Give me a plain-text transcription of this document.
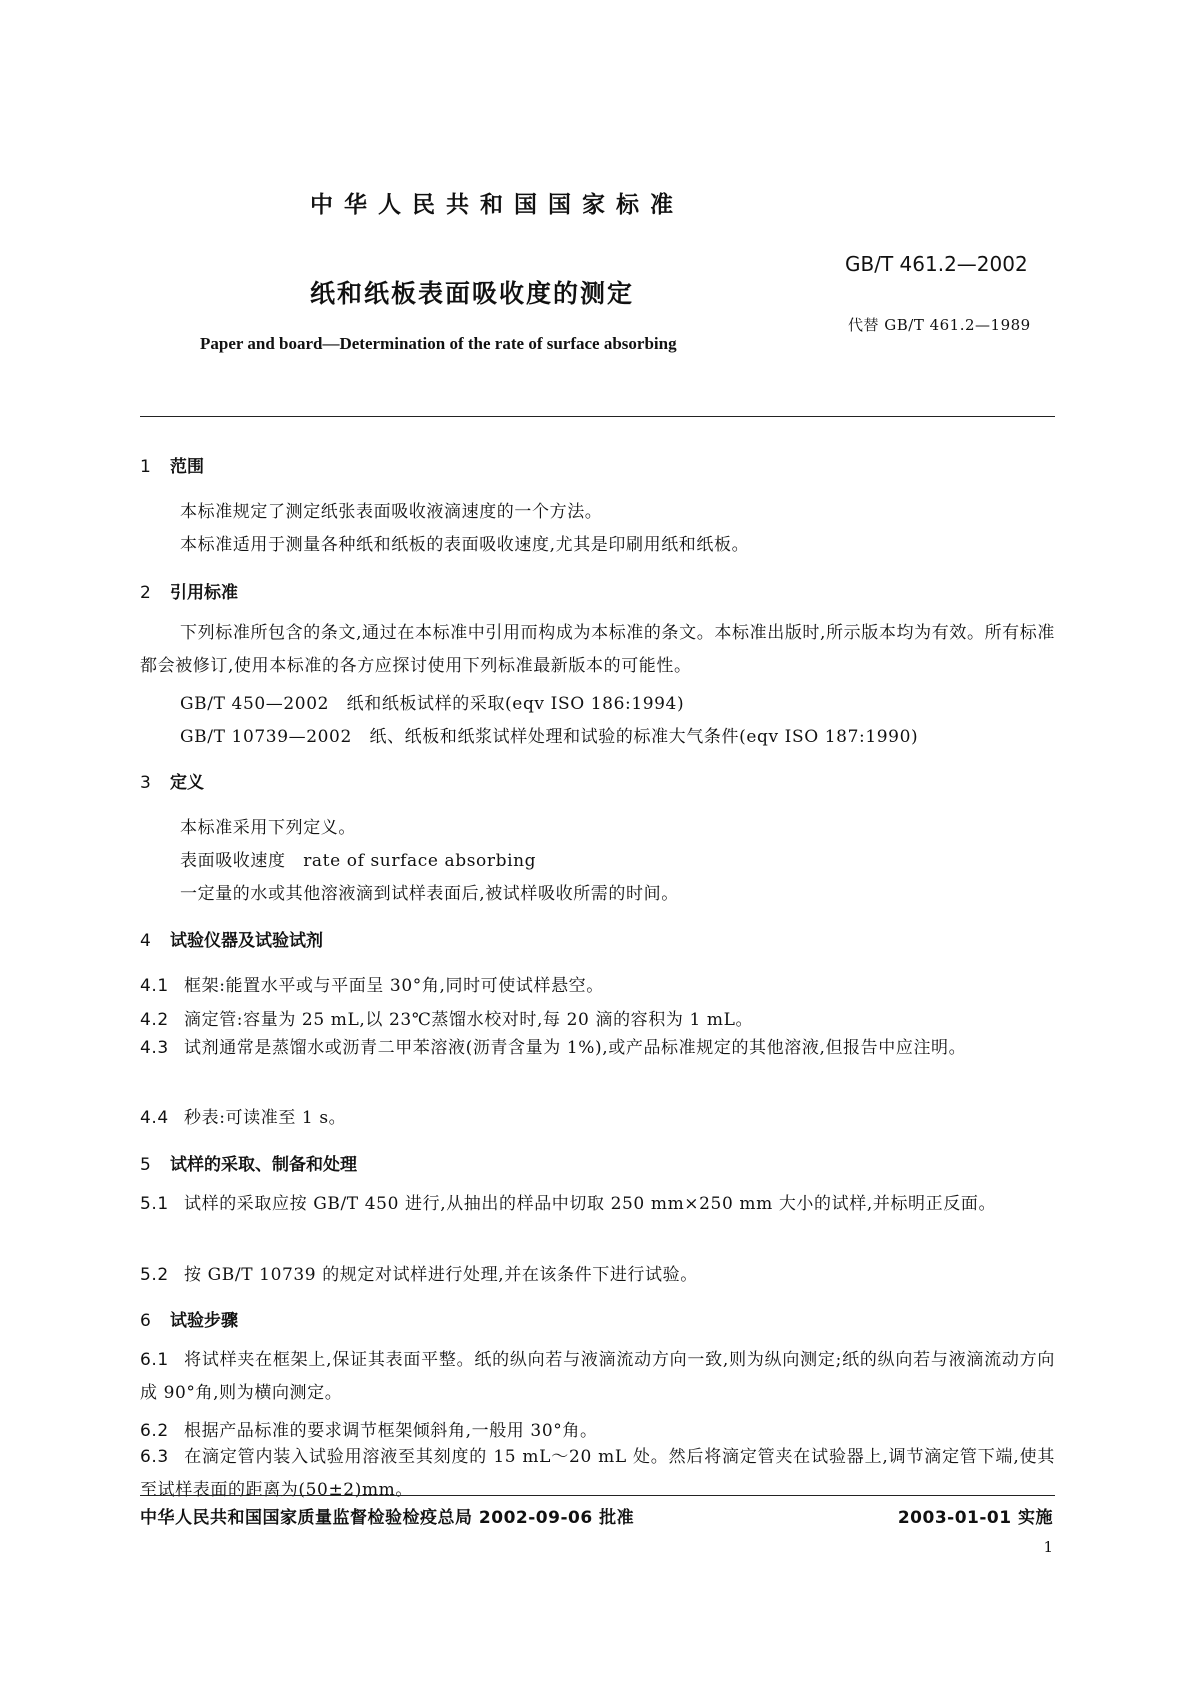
中华人民共和国国家标准
GB/T 461.2—2002
代替 GB/T 461.2—1989
纸和纸板表面吸收度的测定
Paper and board—Determination of the rate of surface absorbing
1 范围
本标准规定了测定纸张表面吸收液滴速度的一个方法。
本标准适用于测量各种纸和纸板的表面吸收速度,尤其是印刷用纸和纸板。
2 引用标准
下列标准所包含的条文,通过在本标准中引用而构成为本标准的条文。本标准出版时,所示版本均为有效。所有标准都会被修订,使用本标准的各方应探讨使用下列标准最新版本的可能性。
GB/T 450—2002　纸和纸板试样的采取(eqv ISO 186:1994)
GB/T 10739—2002　纸、纸板和纸浆试样处理和试验的标准大气条件(eqv ISO 187:1990)
3 定义
本标准采用下列定义。
表面吸收速度　rate of surface absorbing
一定量的水或其他溶液滴到试样表面后,被试样吸收所需的时间。
4 试验仪器及试验试剂
4.1 框架:能置水平或与平面呈 30°角,同时可使试样悬空。
4.2 滴定管:容量为 25 mL,以 23℃蒸馏水校对时,每 20 滴的容积为 1 mL。
4.3 试剂通常是蒸馏水或沥青二甲苯溶液(沥青含量为 1%),或产品标准规定的其他溶液,但报告中应注明。
4.4 秒表:可读准至 1 s。
5 试样的采取、制备和处理
5.1 试样的采取应按 GB/T 450 进行,从抽出的样品中切取 250 mm×250 mm 大小的试样,并标明正反面。
5.2 按 GB/T 10739 的规定对试样进行处理,并在该条件下进行试验。
6 试验步骤
6.1 将试样夹在框架上,保证其表面平整。纸的纵向若与液滴流动方向一致,则为纵向测定;纸的纵向若与液滴流动方向成 90°角,则为横向测定。
6.2 根据产品标准的要求调节框架倾斜角,一般用 30°角。
6.3 在滴定管内装入试验用溶液至其刻度的 15 mL～20 mL 处。然后将滴定管夹在试验器上,调节滴定管下端,使其至试样表面的距离为(50±2)mm。
中华人民共和国国家质量监督检验检疫总局 2002-09-06 批准	2003-01-01 实施
1
